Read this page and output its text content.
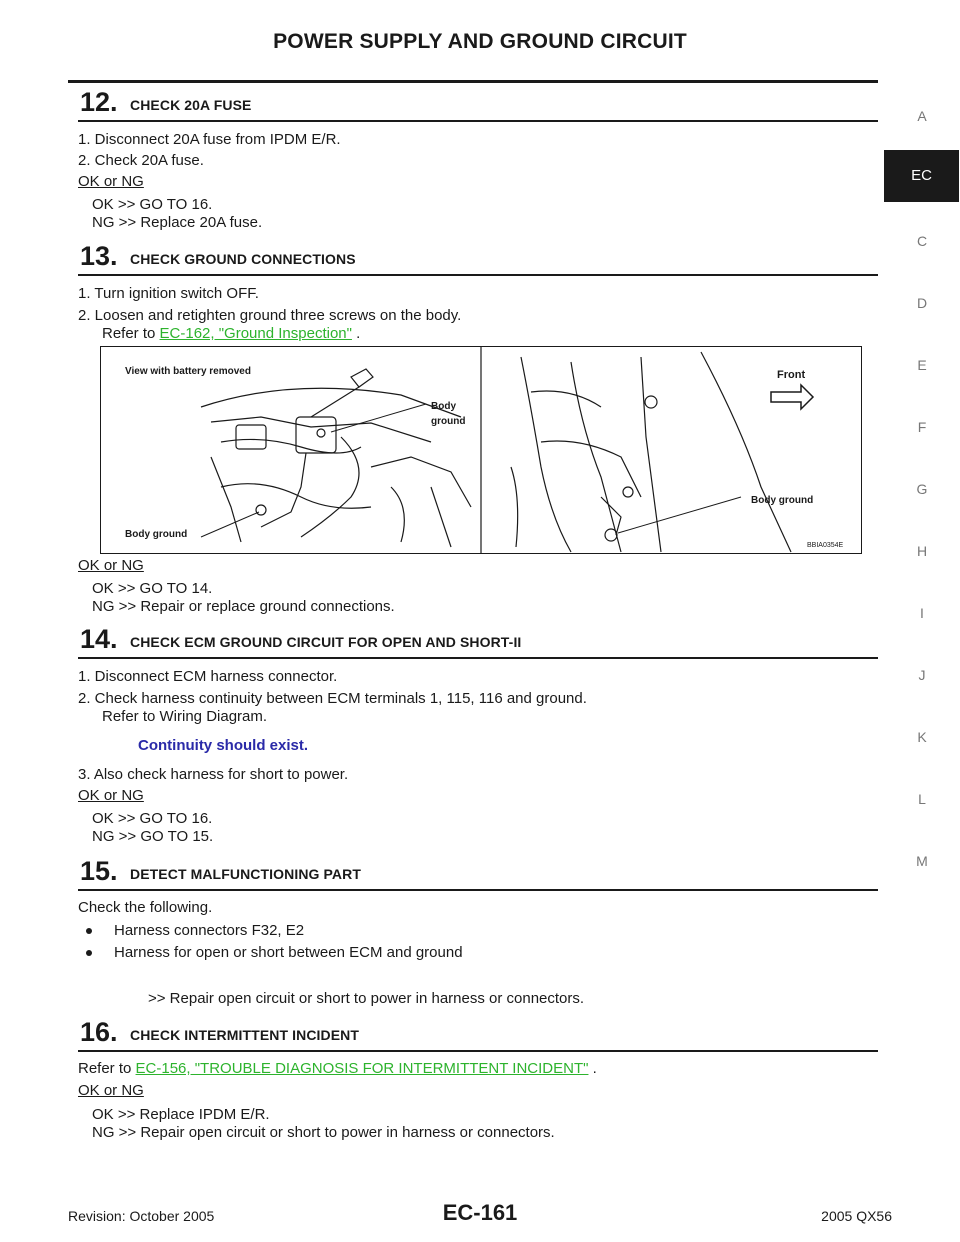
POWER SUPPLY AND GROUND CIRCUIT
A
EC
C
D
E
F
G
H
I
J
K
L
M
12. CHECK 20A FUSE
1. Disconnect 20A fuse from IPDM E/R.
2. Check 20A fuse.
OK or NG
OK >> GO TO 16.
NG >> Replace 20A fuse.
13. CHECK GROUND CONNECTIONS
1. Turn ignition switch OFF.
2. Loosen and retighten ground three screws on the body.
Refer to EC-162, "Ground Inspection" .
View with battery removed
Body
ground
Body ground
Front
Body ground
BBIA0354E
OK or NG
OK >> GO TO 14.
NG >> Repair or replace ground connections.
14. CHECK ECM GROUND CIRCUIT FOR OPEN AND SHORT-II
1. Disconnect ECM harness connector.
2. Check harness continuity between ECM terminals 1, 115, 116 and ground.
Refer to Wiring Diagram.
Continuity should exist.
3. Also check harness for short to power.
OK or NG
OK >> GO TO 16.
NG >> GO TO 15.
15. DETECT MALFUNCTIONING PART
Check the following.
Harness connectors F32, E2
Harness for open or short between ECM and ground
>> Repair open circuit or short to power in harness or connectors.
16. CHECK INTERMITTENT INCIDENT
Refer to EC-156, "TROUBLE DIAGNOSIS FOR INTERMITTENT INCIDENT" .
OK or NG
OK >> Replace IPDM E/R.
NG >> Repair open circuit or short to power in harness or connectors.
Revision: October 2005	EC-161	2005 QX56
